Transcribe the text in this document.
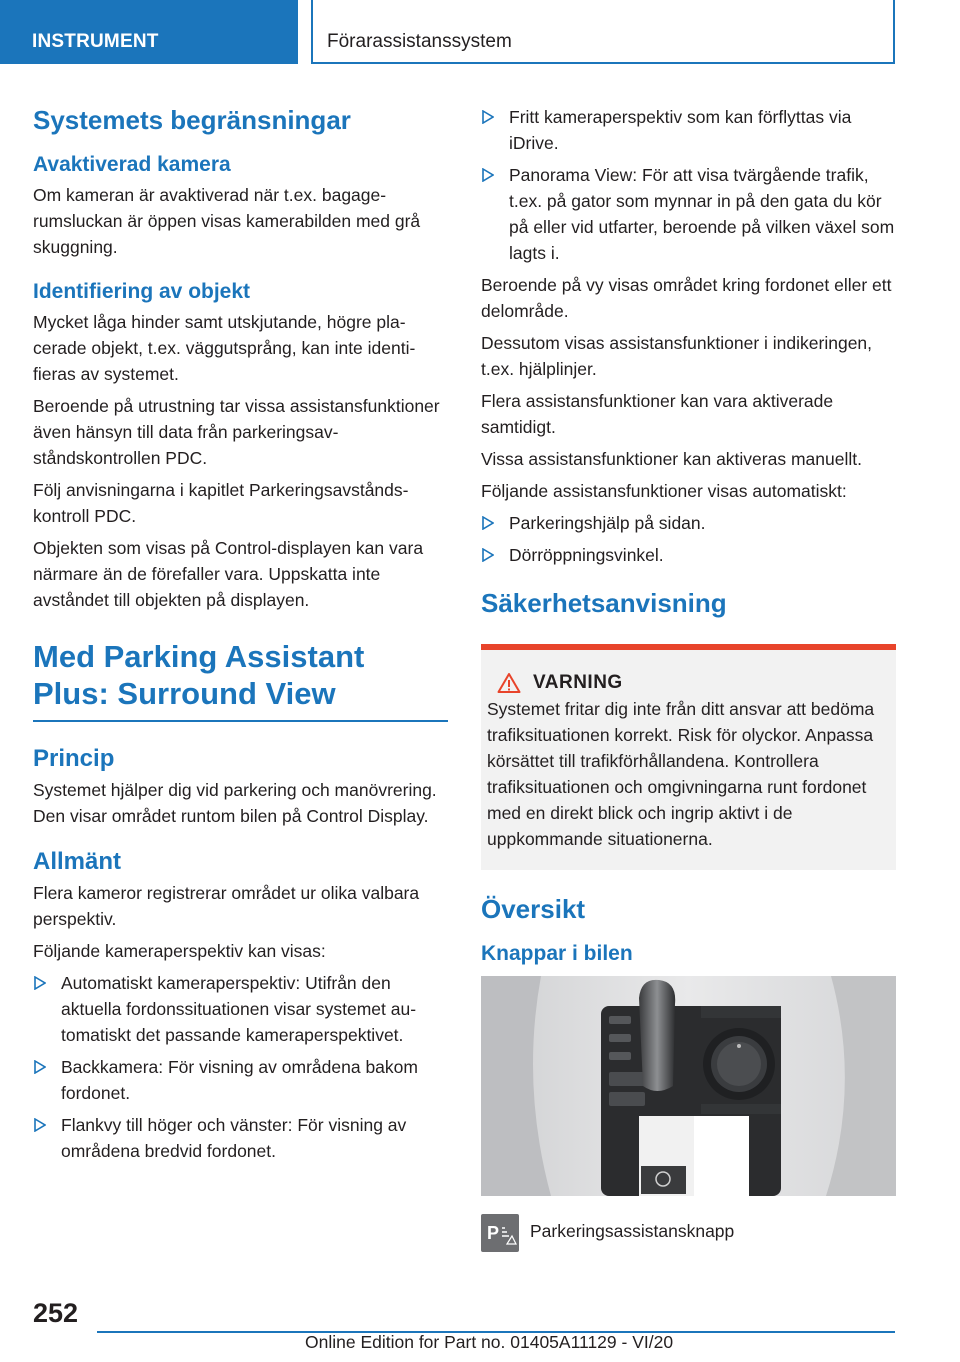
INSTRUMENT	Förarassistanssystem
Systemets begränsningar
Avaktiverad kamera

Om kameran är avaktiverad när t.ex. bagagerumsluckan är öppen visas kamerabilden med grå skuggning.

Identifiering av objekt

Mycket låga hinder samt utskjutande, högre placerade objekt, t.ex. väggutsprång, kan inte identifieras av systemet.

Beroende på utrustning tar vissa assistansfunktioner även hänsyn till data från parkeringsavståndskontrollen PDC.

Följ anvisningarna i kapitlet Parkeringsavståndskontroll PDC.

Objekten som visas på Control-displayen kan vara närmare än de förefaller vara. Uppskatta inte avståndet till objekten på displayen.

Med Parking Assistant Plus: Surround View
Princip

Systemet hjälper dig vid parkering och manövrering. Den visar området runtom bilen på Control Display.

Allmänt

Flera kameror registrerar området ur olika valbara perspektiv.

Följande kameraperspektiv kan visas:

Automatiskt kameraperspektiv: Utifrån den aktuella fordonssituationen visar systemet automatiskt det passande kameraperspektivet.
Backkamera: För visning av områdena bakom fordonet.
Flankvy till höger och vänster: För visning av områdena bredvid fordonet.
Fritt kameraperspektiv som kan förflyttas via iDrive.
Panorama View: För att visa tvärgående trafik, t.ex. på gator som mynnar in på den gata du kör på eller vid utfarter, beroende på vilken växel som lagts i.

Beroende på vy visas området kring fordonet eller ett delområde.

Dessutom visas assistansfunktioner i indikeringen, t.ex. hjälplinjer.

Flera assistansfunktioner kan vara aktiverade samtidigt.

Vissa assistansfunktioner kan aktiveras manuellt.

Följande assistansfunktioner visas automatiskt:

Parkeringshjälp på sidan.
Dörröppningsvinkel.
Säkerhetsanvisning
VARNING

Systemet fritar dig inte från ditt ansvar att bedöma trafiksituationen korrekt. Risk för olyckor. Anpassa körsättet till trafikförhållandena. Kontrollera trafiksituationen och omgivningarna runt fordonet med en direkt blick och ingrip aktivt i de uppkommande situationerna.

Översikt
Knappar i bilen
P Parkeringsassistansknapp

252
Online Edition for Part no. 01405A11129 - VI/20
